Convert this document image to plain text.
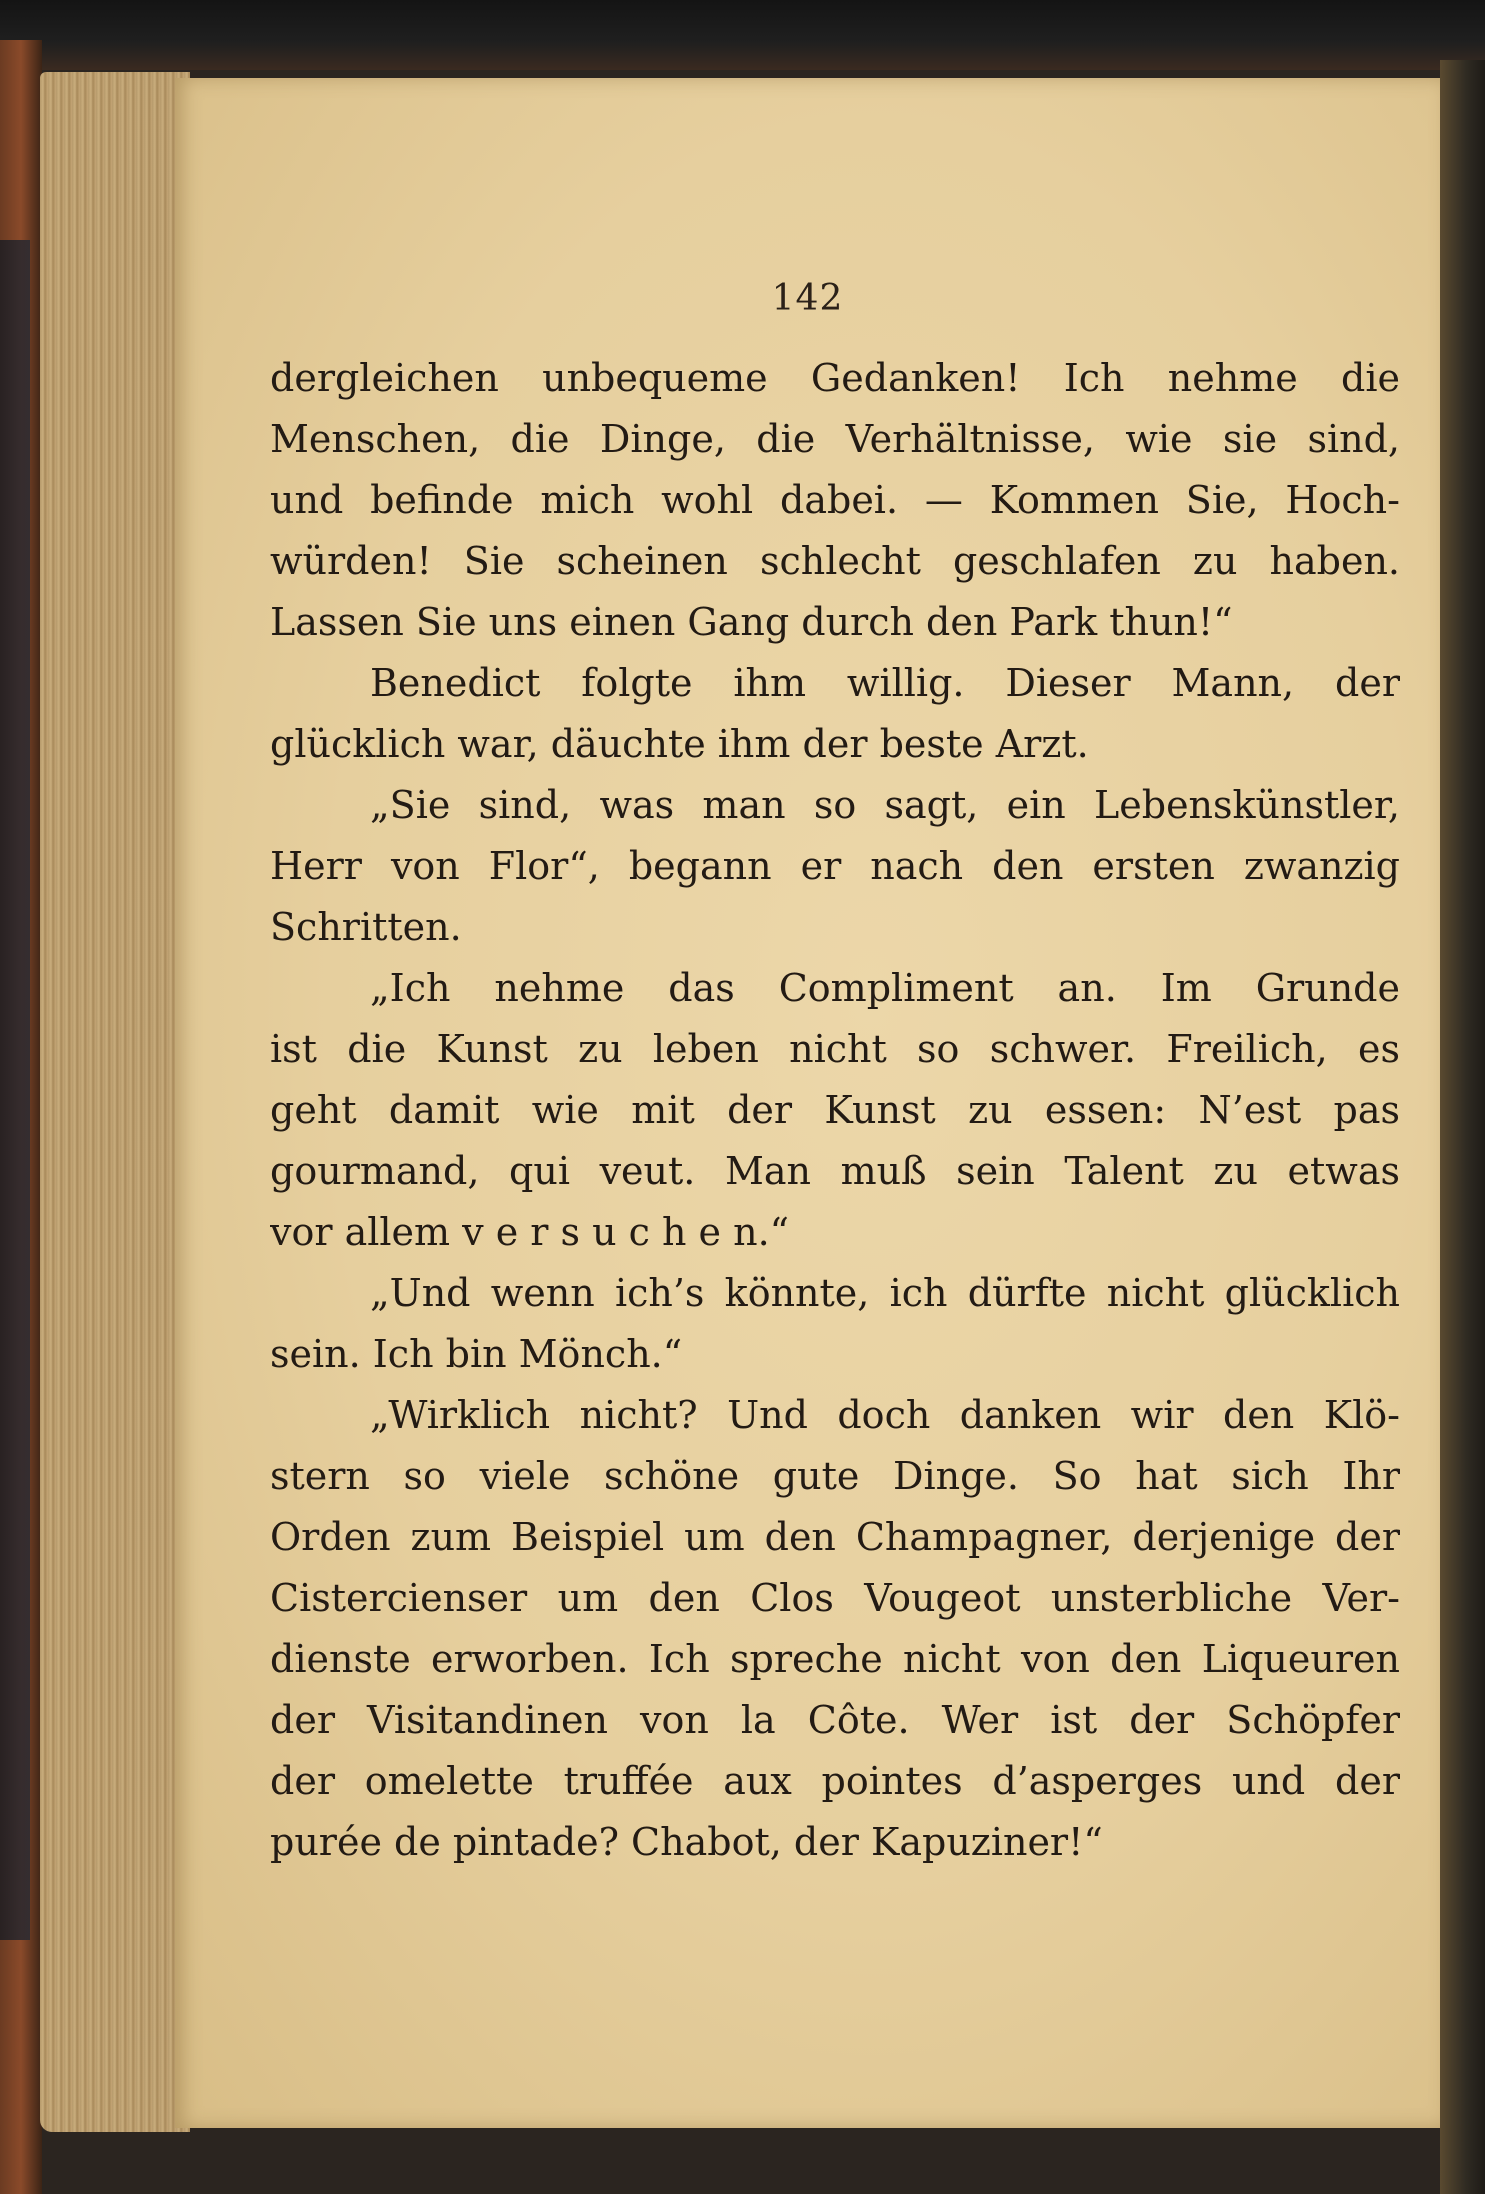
142
dergleichen unbequeme Gedanken! Ich nehme die
Menschen, die Dinge, die Verhältnisse, wie sie sind,
und befinde mich wohl dabei. — Kommen Sie, Hoch-
würden! Sie scheinen schlecht geschlafen zu haben.
Lassen Sie uns einen Gang durch den Park thun!“
Benedict folgte ihm willig. Dieser Mann, der
glücklich war, däuchte ihm der beste Arzt.
„Sie sind, was man so sagt, ein Lebenskünstler,
Herr von Flor“, begann er nach den ersten zwanzig
Schritten.
„Ich nehme das Compliment an. Im Grunde
ist die Kunst zu leben nicht so schwer. Freilich, es
geht damit wie mit der Kunst zu essen: N’est pas
gourmand, qui veut. Man muß sein Talent zu etwas
vor allem v e r s u c h e n.“
„Und wenn ich’s könnte, ich dürfte nicht glücklich
sein. Ich bin Mönch.“
„Wirklich nicht? Und doch danken wir den Klö-
stern so viele schöne gute Dinge. So hat sich Ihr
Orden zum Beispiel um den Champagner, derjenige der
Cistercienser um den Clos Vougeot unsterbliche Ver-
dienste erworben. Ich spreche nicht von den Liqueuren
der Visitandinen von la Côte. Wer ist der Schöpfer
der omelette truffée aux pointes d’asperges und der
purée de pintade? Chabot, der Kapuziner!“
